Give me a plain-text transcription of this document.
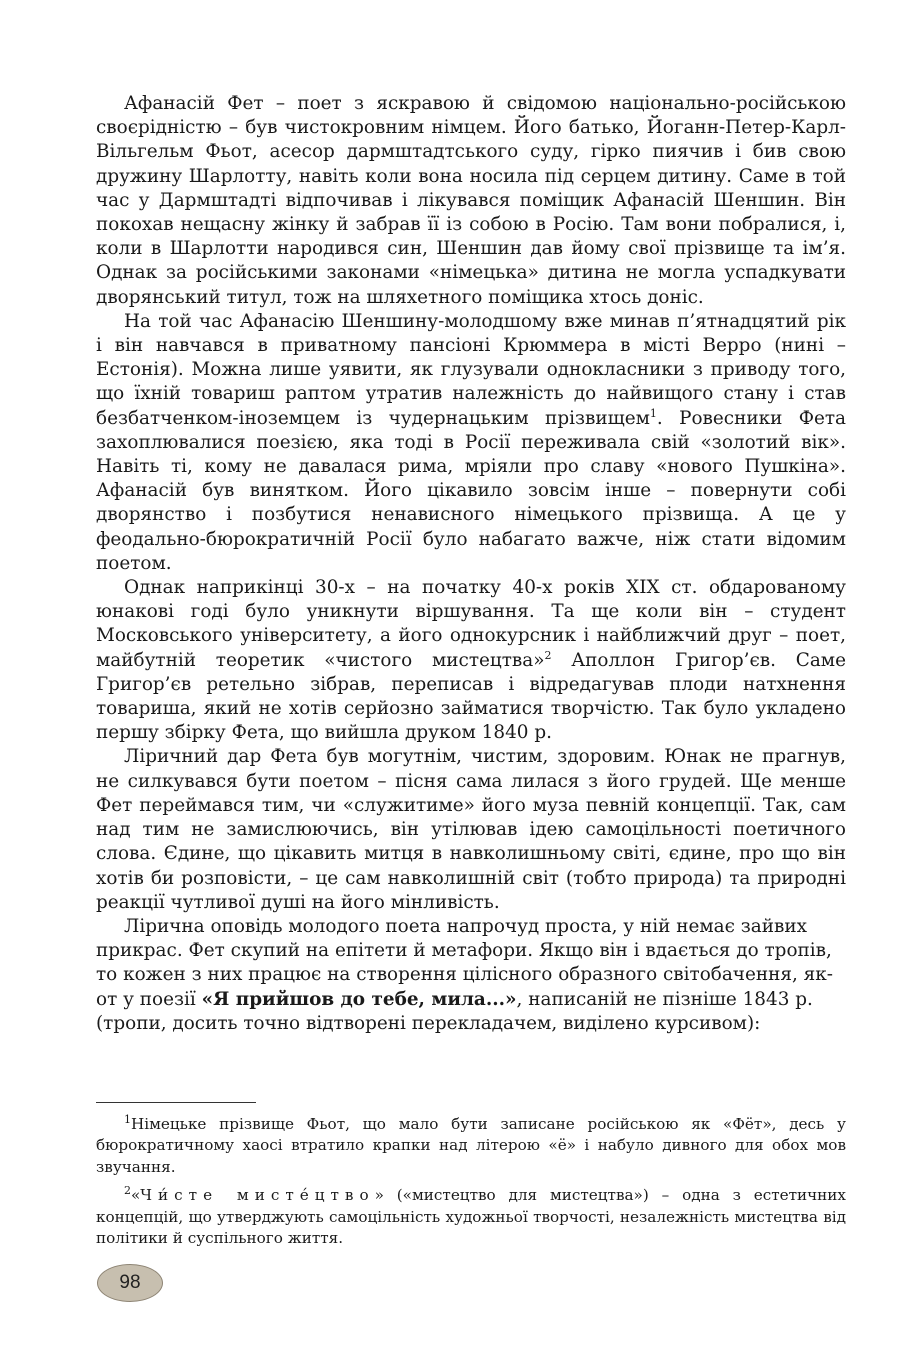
Афанасій Фет – поет з яскравою й свідомою національно-російською своєрідністю – був чистокровним німцем. Його батько, Йоганн-Петер-Карл-Вільгельм Фьот, асесор дармштадтського суду, гірко пиячив і бив свою дружину Шарлотту, навіть коли вона носила під серцем дитину. Саме в той час у Дармштадті відпочивав і лікувався поміщик Афанасій Шеншин. Він покохав нещасну жінку й забрав її із собою в Росію. Там вони побралися, і, коли в Шарлотти народився син, Шеншин дав йому свої прізвище та ім’я. Однак за російськими законами «німецька» дитина не могла успадкувати дворянський титул, тож на шляхетного поміщика хтось доніс.

На той час Афанасію Шеншину-молодшому вже минав п’ятнадцятий рік і він навчався в приватному пансіоні Крюммера в місті Верро (нині – Естонія). Можна лише уявити, як глузували однокласники з приводу того, що їхній товариш раптом утратив належність до найвищого стану і став безбатченком-іноземцем із чудернацьким прізвищем$^1$. Ровесники Фета захоплювалися поезією, яка тоді в Росії переживала свій «золотий вік». Навіть ті, кому не давалася рима, мріяли про славу «нового Пушкіна». Афанасій був винятком. Його цікавило зовсім інше – повернути собі дворянство і позбутися ненависного німецького прізвища. А це у феодально-бюрократичній Росії було набагато важче, ніж стати відомим поетом.

Однак наприкінці 30-х – на початку 40-х років XIX ст. обдарованому юнакові годі було уникнути віршування. Та ще коли він – студент Московського університету, а його однокурсник і найближчий друг – поет, майбутній теоретик «чистого мистецтва»$^2$ Аполлон Григор’єв. Саме Григор’єв ретельно зібрав, переписав і відредагував плоди натхнення товариша, який не хотів серйозно займатися творчістю. Так було укладено першу збірку Фета, що вийшла друком 1840 р.

Ліричний дар Фета був могутнім, чистим, здоровим. Юнак не прагнув, не силкувався бути поетом – пісня сама лилася з його грудей. Ще менше Фет переймався тим, чи «служитиме» його муза певній концепції. Так, сам над тим не замислюючись, він утілював ідею самоцільності поетичного слова. Єдине, що цікавить митця в навколишньому світі, єдине, про що він хотів би розповісти, – це сам навколишній світ (тобто природа) та природні реакції чутливої душі на його мінливість.

Лірична оповідь молодого поета напрочуд проста, у ній немає зайвих прикрас. Фет скупий на епітети й метафори. Якщо він і вдається до тропів, то кожен з них працює на створення цілісного образного світобачення, як-от у поезії «Я прийшов до тебе, мила...», написаній не пізніше 1843 р. (тропи, досить точно відтворені перекладачем, виділено курсивом):

$^1$Німецьке прізвище Фьот, що мало бути записане російською як «Фёт», десь у бюрократичному хаосі втратило крапки над літерою «ё» і набуло дивного для обох мов звучання.

$^2$«Чи́сте мисте́цтво» («мистецтво для мистецтва») – одна з естетичних концепцій, що утверджують самоцільність художньої творчості, незалежність мистецтва від політики й суспільного життя.

98
